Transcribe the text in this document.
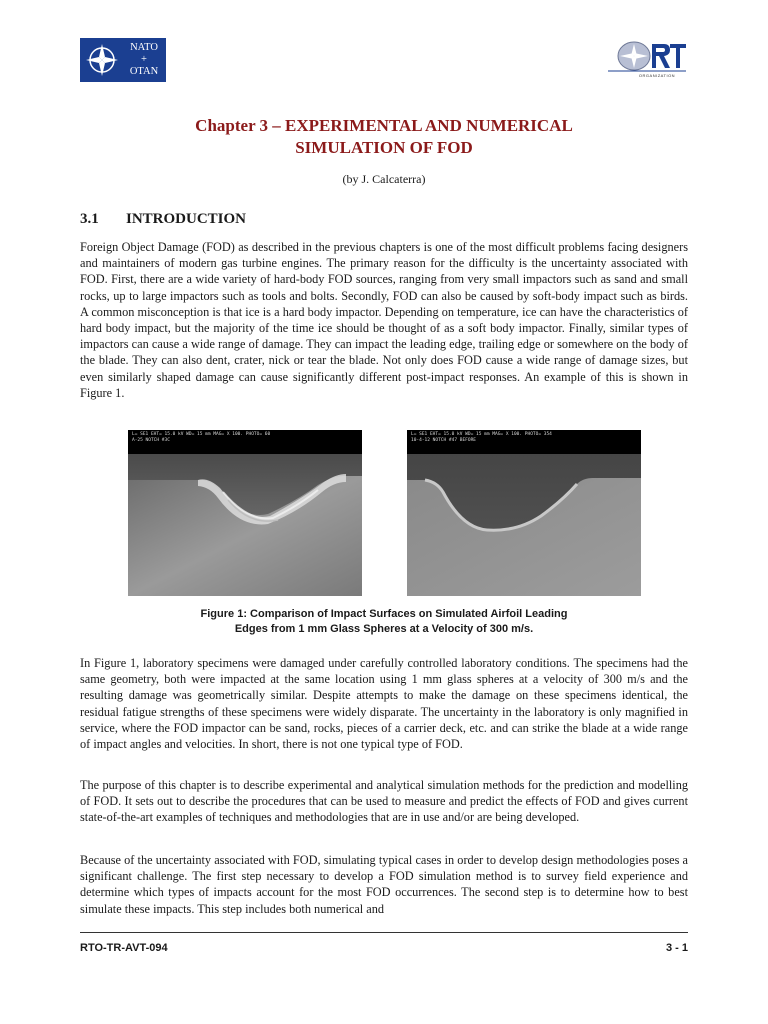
NATO
+
OTAN	ORGANIZATION
Chapter 3 – EXPERIMENTAL AND NUMERICAL
SIMULATION OF FOD
(by J. Calcaterra)
3.1 INTRODUCTION

Foreign Object Damage (FOD) as described in the previous chapters is one of the most difficult problems facing designers and maintainers of modern gas turbine engines. The primary reason for the difficulty is the uncertainty associated with FOD. First, there are a wide variety of hard-body FOD sources, ranging from very small impactors such as sand and small rocks, up to large impactors such as tools and bolts. Secondly, FOD can also be caused by soft-body impact such as birds. A common misconception is that ice is a hard body impactor. Depending on temperature, ice can have the characteristics of hard body impact, but the majority of the time ice should be thought of as a soft body impactor. Finally, similar types of impactors can cause a wide range of damage. They can impact the leading edge, trailing edge or somewhere on the body of the blade. They can also dent, crater, nick or tear the blade. Not only does FOD cause a wide range of damage sizes, but even similarly shaped damage can cause significantly different post-impact responses. An example of this is shown in Figure 1.

L= SE1 EHT= 15.0 kV WD= 15 mm MAG= X 100. PHOTO= 60
A-25 NOTCH #3C
L= SE1 EHT= 15.0 kV WD= 15 mm MAG= X 100. PHOTO= 354
10-4-12 NOTCH #47 BEFORE
Figure 1: Comparison of Impact Surfaces on Simulated Airfoil Leading
Edges from 1 mm Glass Spheres at a Velocity of 300 m/s.

In Figure 1, laboratory specimens were damaged under carefully controlled laboratory conditions. The specimens had the same geometry, both were impacted at the same location using 1 mm glass spheres at a velocity of 300 m/s and the resulting damage was geometrically similar. Despite attempts to make the damage on these specimens identical, the residual fatigue strengths of these specimens were widely disparate. The uncertainty in the laboratory is only magnified in service, where the FOD impactor can be sand, rocks, pieces of a carrier deck, etc. and can strike the blade at a wide range of impact angles and velocities. In short, there is not one typical type of FOD.

The purpose of this chapter is to describe experimental and analytical simulation methods for the prediction and modelling of FOD. It sets out to describe the procedures that can be used to measure and predict the effects of FOD and gives current state-of-the-art examples of techniques and methodologies that are in use and/or are being developed.

Because of the uncertainty associated with FOD, simulating typical cases in order to develop design methodologies poses a significant challenge. The first step necessary to develop a FOD simulation method is to survey field experience and determine which types of impacts account for the most FOD occurrences. The second step is to determine how to best simulate these impacts. This step includes both numerical and

RTO-TR-AVT-094	3 - 1
